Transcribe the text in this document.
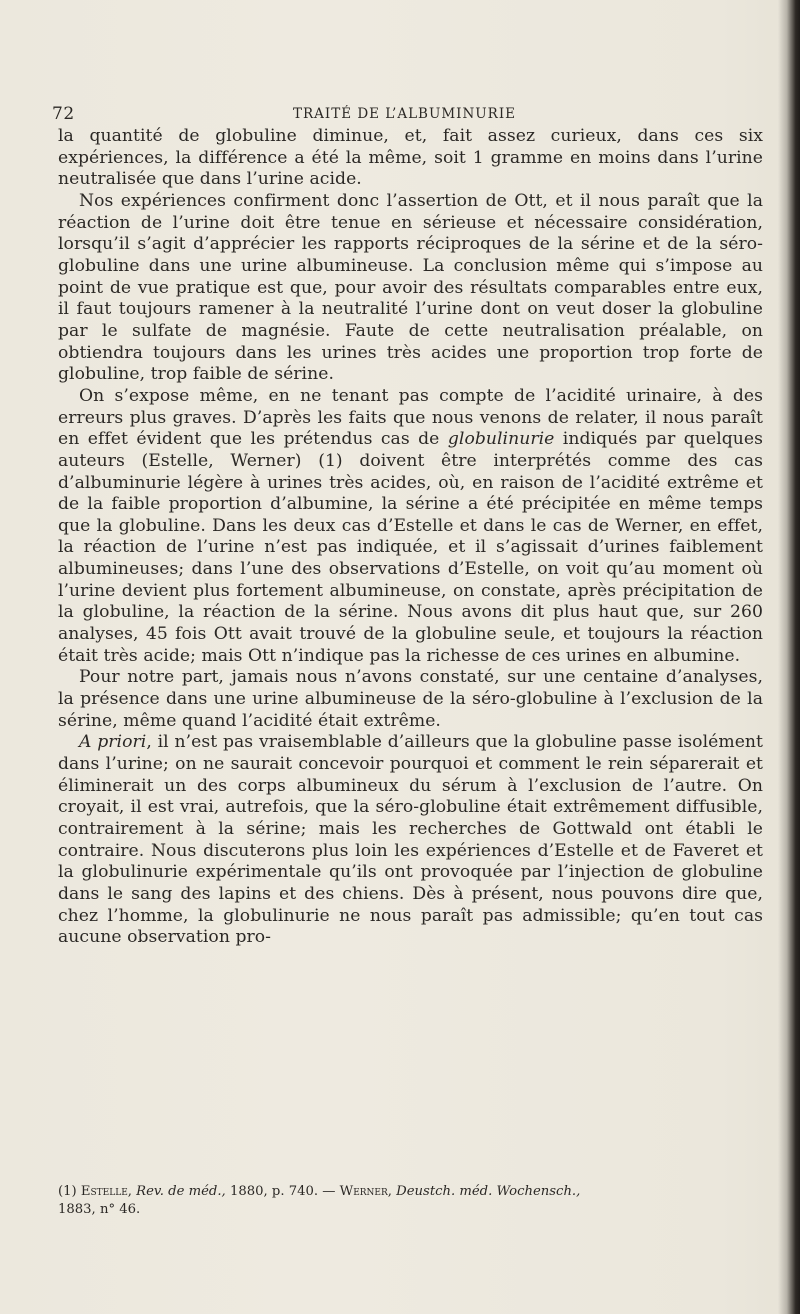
72	TRAITÉ DE L’ALBUMINURIE

la quantité de globuline diminue, et, fait assez curieux, dans ces six expériences, la différence a été la même, soit 1 gramme en moins dans l’urine neutralisée que dans l’urine acide.

Nos expériences confirment donc l’assertion de Ott, et il nous paraît que la réaction de l’urine doit être tenue en sérieuse et nécessaire considération, lorsqu’il s’agit d’apprécier les rapports réciproques de la sérine et de la séro-globuline dans une urine albumineuse. La conclusion même qui s’impose au point de vue pratique est que, pour avoir des résultats comparables entre eux, il faut toujours ramener à la neutralité l’urine dont on veut doser la globuline par le sulfate de magnésie. Faute de cette neutralisation préalable, on obtiendra toujours dans les urines très acides une proportion trop forte de globuline, trop faible de sérine.

On s’expose même, en ne tenant pas compte de l’acidité urinaire, à des erreurs plus graves. D’après les faits que nous venons de relater, il nous paraît en effet évident que les prétendus cas de globulinurie indiqués par quelques auteurs (Estelle, Werner) (1) doivent être interprétés comme des cas d’albuminurie légère à urines très acides, où, en raison de l’acidité extrême et de la faible proportion d’albumine, la sérine a été précipitée en même temps que la globuline. Dans les deux cas d’Estelle et dans le cas de Werner, en effet, la réaction de l’urine n’est pas indiquée, et il s’agissait d’urines faiblement albumineuses; dans l’une des observations d’Estelle, on voit qu’au moment où l’urine devient plus fortement albumineuse, on constate, après précipitation de la globuline, la réaction de la sérine. Nous avons dit plus haut que, sur 260 analyses, 45 fois Ott avait trouvé de la globuline seule, et toujours la réaction était très acide; mais Ott n’indique pas la richesse de ces urines en albumine.

Pour notre part, jamais nous n’avons constaté, sur une centaine d’analyses, la présence dans une urine albumineuse de la séro-globuline à l’exclusion de la sérine, même quand l’acidité était extrême.

A priori, il n’est pas vraisemblable d’ailleurs que la globuline passe isolément dans l’urine; on ne saurait concevoir pourquoi et comment le rein séparerait et éliminerait un des corps albumineux du sérum à l’exclusion de l’autre. On croyait, il est vrai, autrefois, que la séro-globuline était extrêmement diffusible, contrairement à la sérine; mais les recherches de Gottwald ont établi le contraire. Nous discuterons plus loin les expériences d’Estelle et de Faveret et la globulinurie expérimentale qu’ils ont provoquée par l’injection de globuline dans le sang des lapins et des chiens. Dès à présent, nous pouvons dire que, chez l’homme, la globulinurie ne nous paraît pas admissible; qu’en tout cas aucune observation pro-

(1) Estelle, Rev. de méd., 1880, p. 740. — Werner, Deustch. méd. Wochensch.,
1883, n° 46.
